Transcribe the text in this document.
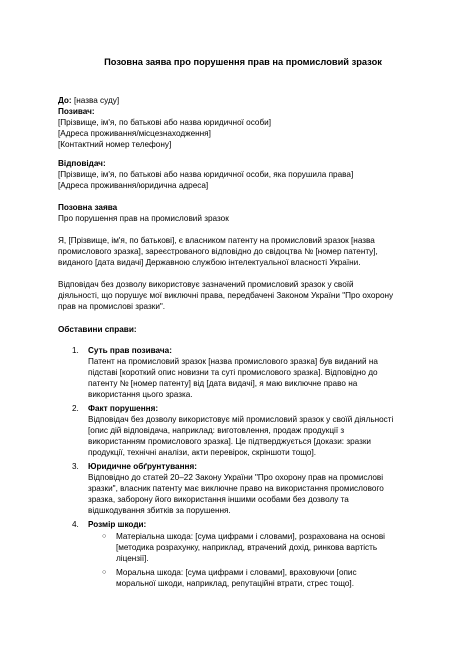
Позовна заява про порушення прав на промисловий зразок
До: [назва суду]
Позивач:
[Прізвище, ім'я, по батькові або назва юридичної особи]
[Адреса проживання/місцезнаходження]
[Контактний номер телефону]
Відповідач:
[Прізвище, ім'я, по батькові або назва юридичної особи, яка порушила права]
[Адреса проживання/юридична адреса]
Позовна заява
Про порушення прав на промисловий зразок
Я, [Прізвище, ім'я, по батькові], є власником патенту на промисловий зразок [назва
промислового зразка], зареєстрованого відповідно до свідоцтва № [номер патенту],
виданого [дата видачі] Державною службою інтелектуальної власності України.
Відповідач без дозволу використовує зазначений промисловий зразок у своїй
діяльності, що порушує мої виключні права, передбачені Законом України "Про охорону
прав на промислові зразки".
Обставини справи:
1. Суть прав позивача:
Патент на промисловий зразок [назва промислового зразка] був виданий на
підставі [короткий опис новизни та суті промислового зразка]. Відповідно до
патенту № [номер патенту] від [дата видачі], я маю виключне право на
використання цього зразка.
2. Факт порушення:
Відповідач без дозволу використовує мій промисловий зразок у своїй діяльності
[опис дій відповідача, наприклад: виготовлення, продаж продукції з
використанням промислового зразка]. Це підтверджується [докази: зразки
продукції, технічні аналізи, акти перевірок, скріншоти тощо].
3. Юридичне обґрунтування:
Відповідно до статей 20–22 Закону України "Про охорону прав на промислові
зразки", власник патенту має виключне право на використання промислового
зразка, заборону його використання іншими особами без дозволу та
відшкодування збитків за порушення.
4. Розмір шкоди:
○ Матеріальна шкода: [сума цифрами і словами], розрахована на основі
[методика розрахунку, наприклад, втрачений дохід, ринкова вартість
ліцензії].
○ Моральна шкода: [сума цифрами і словами], враховуючи [опис
моральної шкоди, наприклад, репутаційні втрати, стрес тощо].
